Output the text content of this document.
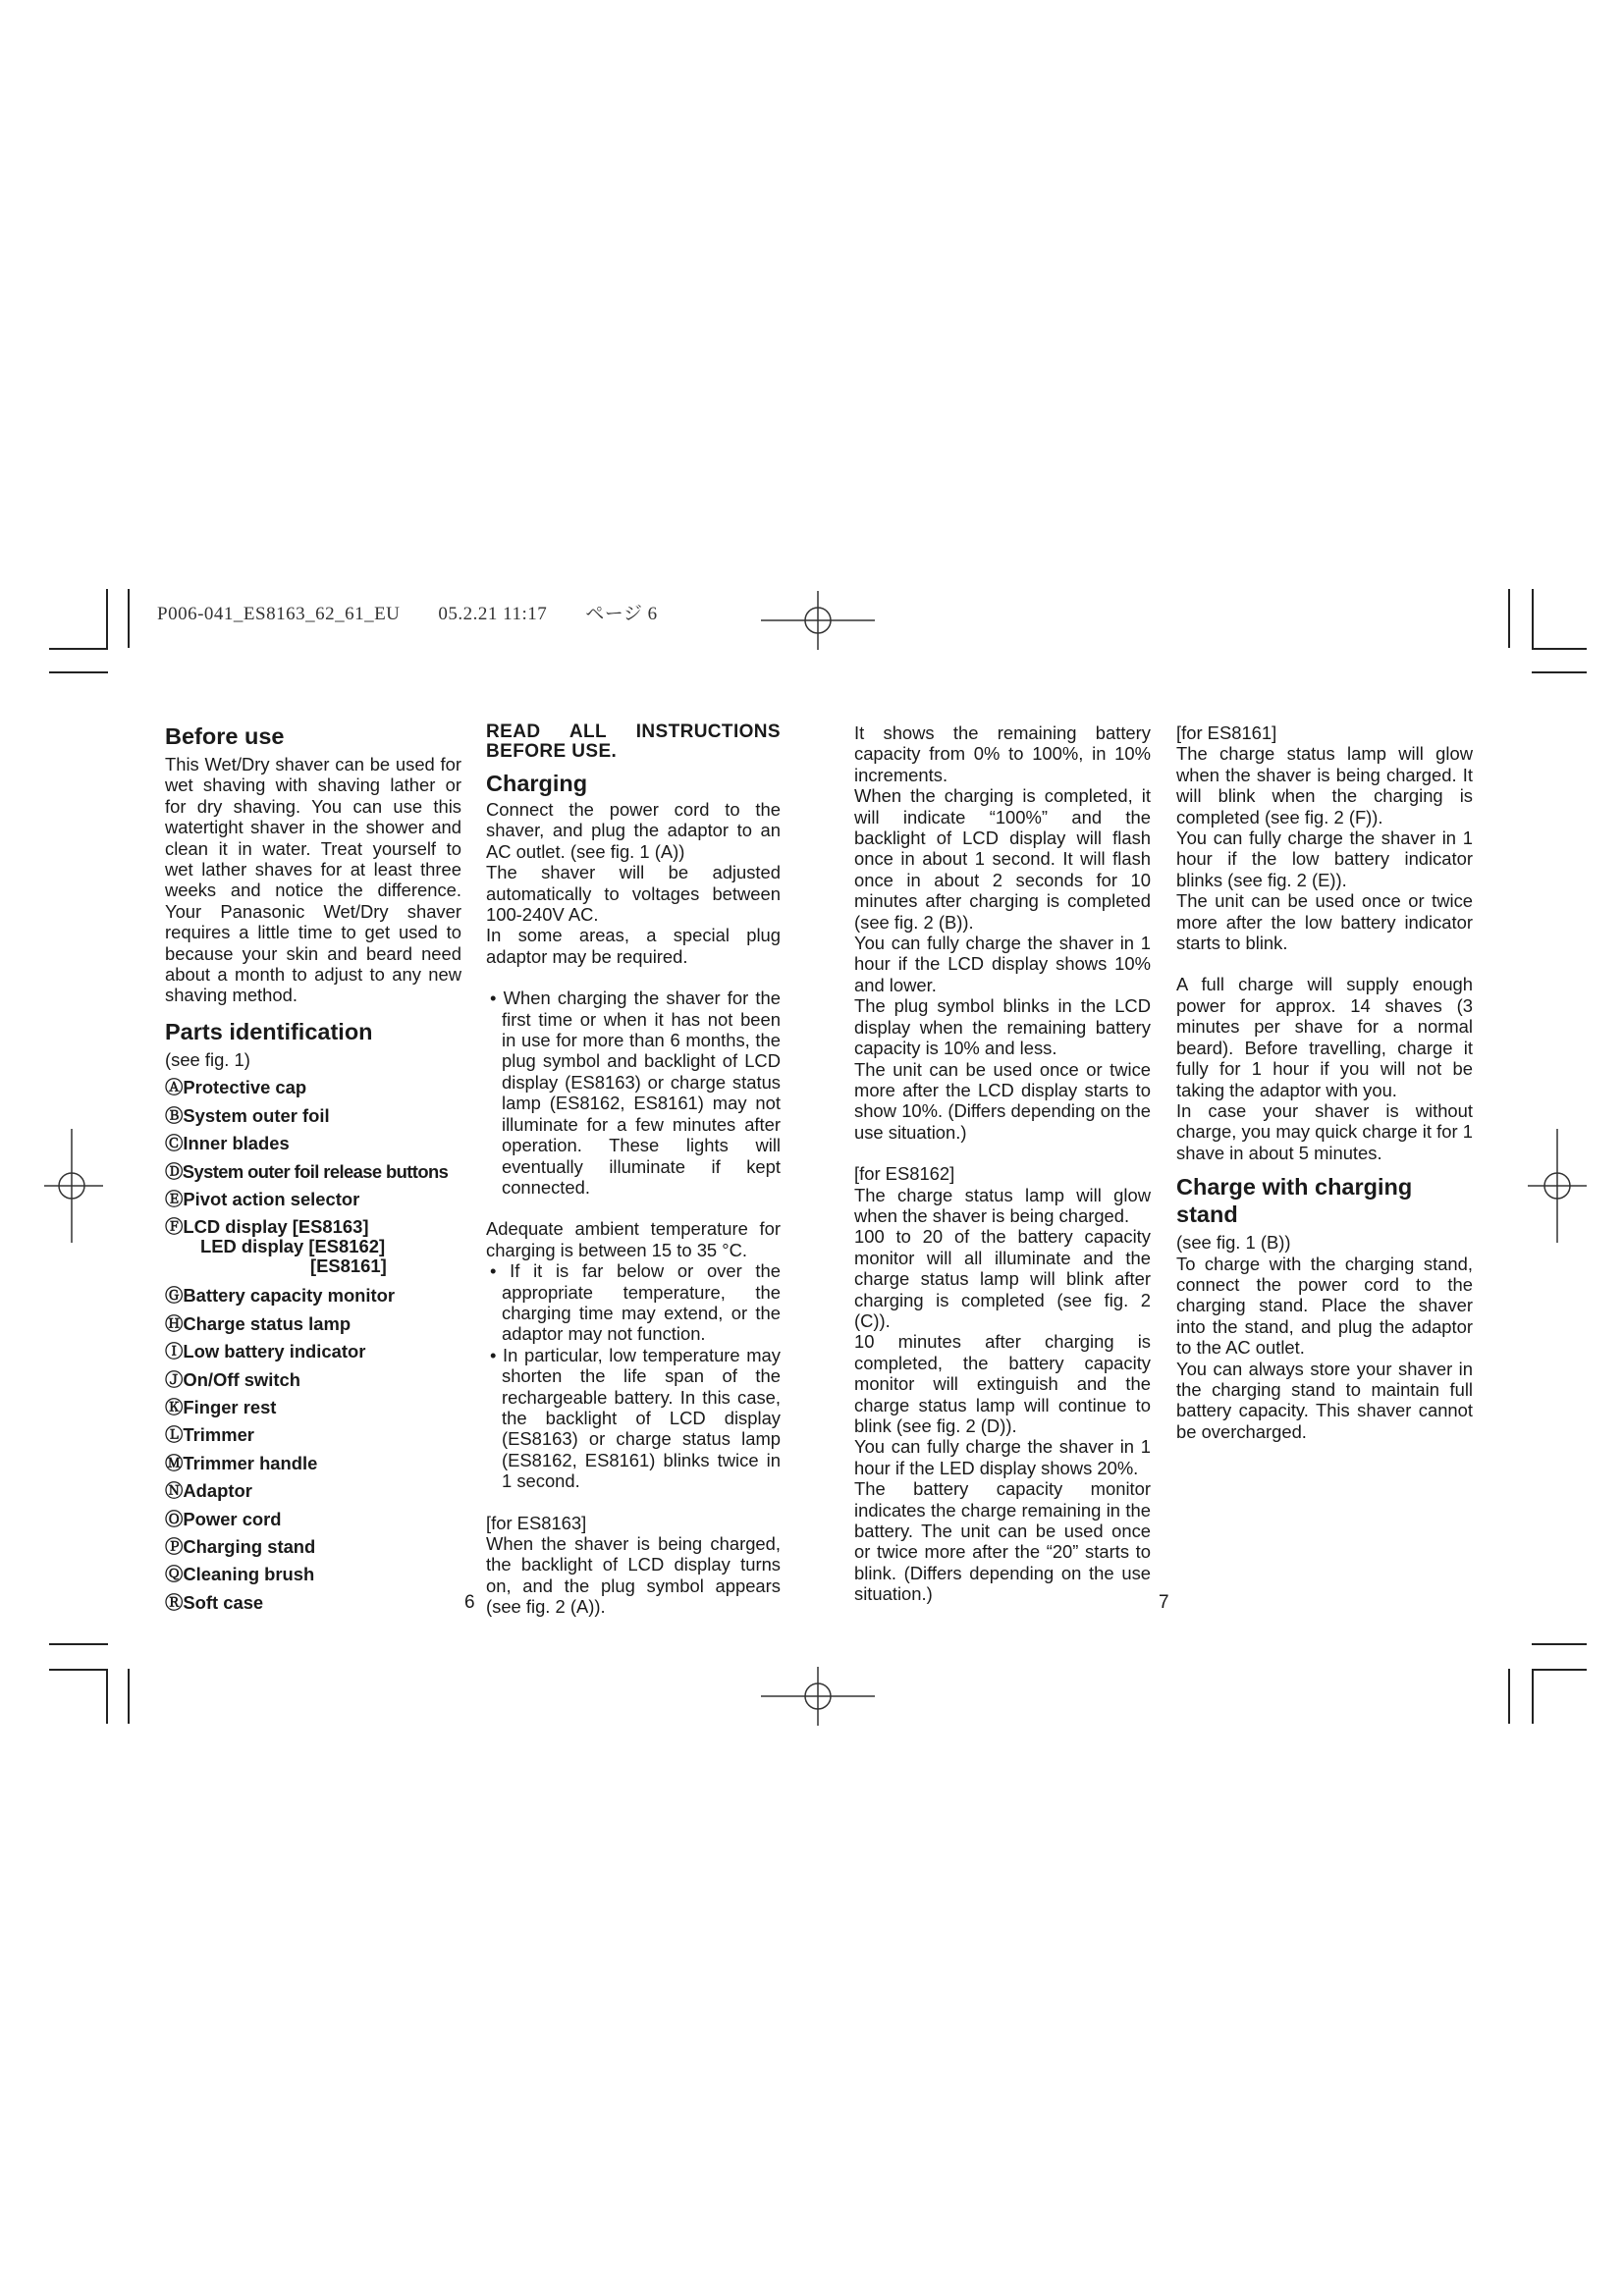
P006-041_ES8163_62_61_EU　　05.2.21 11:17　　ページ 6

Before use

This Wet/Dry shaver can be used for wet shaving with shaving lather or for dry shaving. You can use this watertight shaver in the shower and clean it in water. Treat yourself to wet lather shaves for at least three weeks and notice the difference. Your Panasonic Wet/Dry shaver requires a little time to get used to because your skin and beard need about a month to adjust to any new shaving method.

Parts identification

(see fig. 1)

ⒶProtective cap
ⒷSystem outer foil
ⒸInner blades
ⒹSystem outer foil release buttons
ⒺPivot action selector
ⒻLCD display [ES8163]
LED display [ES8162]
[ES8161]
ⒼBattery capacity monitor
ⒽCharge status lamp
ⒾLow battery indicator
ⒿOn/Off switch
ⓀFinger rest
ⓁTrimmer
ⓂTrimmer handle
ⓃAdaptor
ⓄPower cord
ⓅCharging stand
ⓆCleaning brush
ⓇSoft case

READ ALL INSTRUCTIONS BEFORE USE.

Charging

Connect the power cord to the shaver, and plug the adaptor to an AC outlet. (see fig. 1 (A))

The shaver will be adjusted automatically to voltages between 100-240V AC.

In some areas, a special plug adaptor may be required.

• When charging the shaver for the first time or when it has not been in use for more than 6 months, the plug symbol and backlight of LCD display (ES8163) or charge status lamp (ES8162, ES8161) may not illuminate for a few minutes after operation. These lights will eventually illuminate if kept connected.

Adequate ambient temperature for charging is between 15 to 35 °C.

• If it is far below or over the appropriate temperature, the charging time may extend, or the adaptor may not function.

• In particular, low temperature may shorten the life span of the rechargeable battery. In this case, the backlight of LCD display (ES8163) or charge status lamp (ES8162, ES8161) blinks twice in 1 second.

[for ES8163]

When the shaver is being charged, the backlight of LCD display turns on, and the plug symbol appears (see fig. 2 (A)).

6

It shows the remaining battery capacity from 0% to 100%, in 10% increments.

When the charging is completed, it will indicate “100%” and the backlight of LCD display will flash once in about 1 second. It will flash once in about 2 seconds for 10 minutes after charging is completed (see fig. 2 (B)).

You can fully charge the shaver in 1 hour if the LCD display shows 10% and lower.

The plug symbol blinks in the LCD display when the remaining battery capacity is 10% and less.

The unit can be used once or twice more after the LCD display starts to show 10%. (Differs depending on the use situation.)

[for ES8162]

The charge status lamp will glow when the shaver is being charged.

100 to 20 of the battery capacity monitor will all illuminate and the charge status lamp will blink after charging is completed (see fig. 2 (C)).

10 minutes after charging is completed, the battery capacity monitor will extinguish and the charge status lamp will continue to blink (see fig. 2 (D)).

You can fully charge the shaver in 1 hour if the LED display shows 20%.

The battery capacity monitor indicates the charge remaining in the battery. The unit can be used once or twice more after the “20” starts to blink. (Differs depending on the use situation.)

[for ES8161]

The charge status lamp will glow when the shaver is being charged. It will blink when the charging is completed (see fig. 2 (F)).

You can fully charge the shaver in 1 hour if the low battery indicator blinks (see fig. 2 (E)).

The unit can be used once or twice more after the low battery indicator starts to blink.

A full charge will supply enough power for approx. 14 shaves (3 minutes per shave for a normal beard). Before travelling, charge it fully for 1 hour if you will not be taking the adaptor with you.

In case your shaver is without charge, you may quick charge it for 1 shave in about 5 minutes.

Charge with charging stand

(see fig. 1 (B))

To charge with the charging stand, connect the power cord to the charging stand. Place the shaver into the stand, and plug the adaptor to the AC outlet.

You can always store your shaver in the charging stand to maintain full battery capacity. This shaver cannot be overcharged.

7
